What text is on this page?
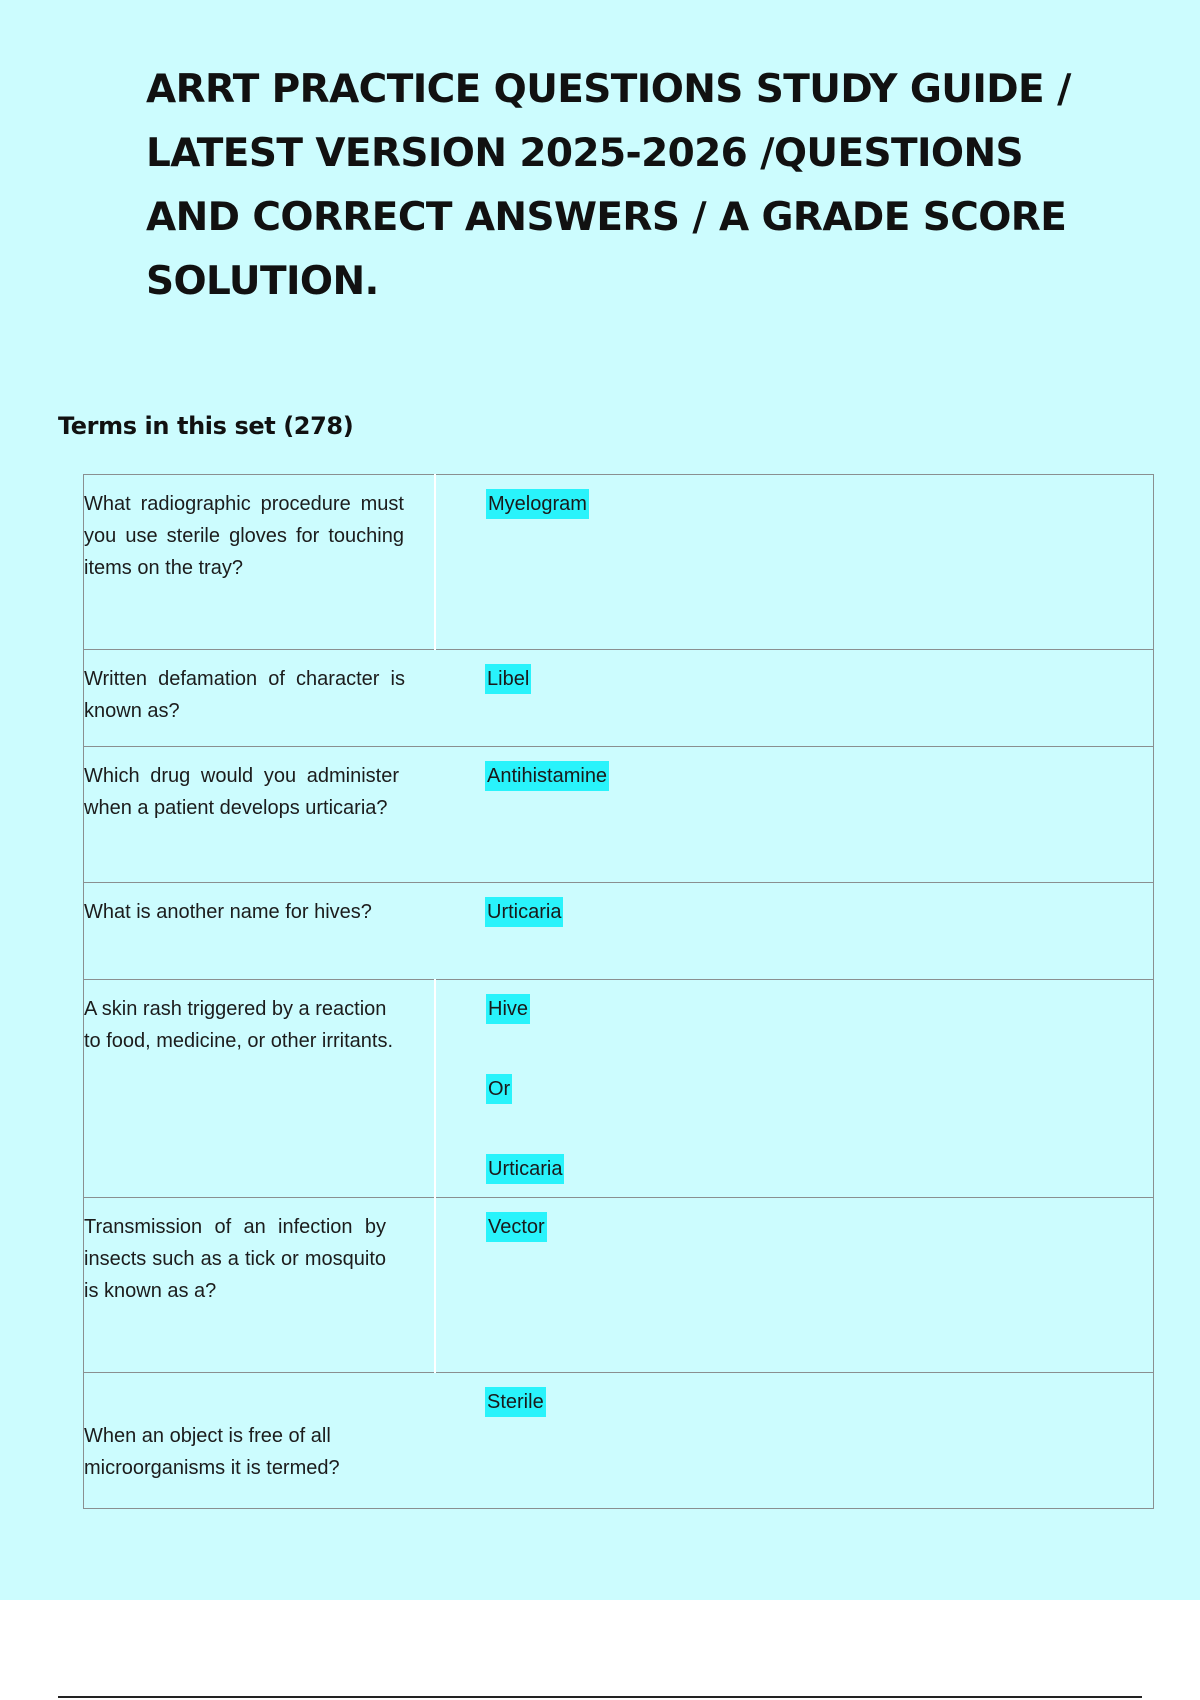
ARRT PRACTICE QUESTIONS STUDY GUIDE / LATEST VERSION 2025-2026 /QUESTIONS AND CORRECT ANSWERS / A GRADE SCORE SOLUTION.
Terms in this set (278)
What radiographic procedure must you use sterile gloves for touching items on the tray?	Myelogram
Written defamation of character is known as?	Libel
Which drug would you administer when a patient develops urticaria?	Antihistamine
What is another name for hives?	Urticaria
A skin rash triggered by a reaction to food, medicine, or other irritants.	Hive
Or
Urticaria

Transmission of an infection by insects such as a tick or mosquito is known as a?	Vector
When an object is free of all microorganisms it is termed?	Sterile
